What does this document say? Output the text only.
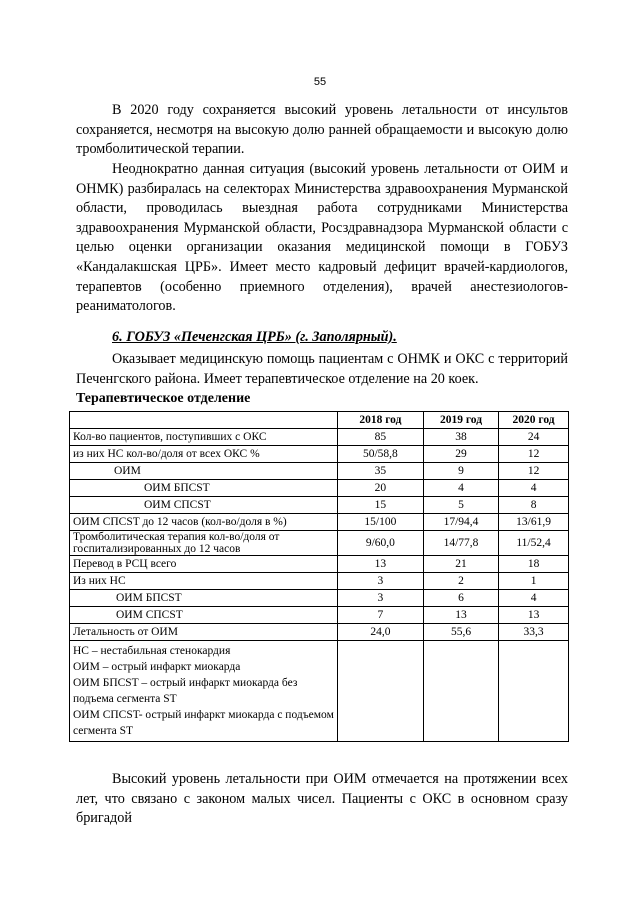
55

В 2020 году сохраняется высокий уровень летальности от инсультов сохраняется, несмотря на высокую долю ранней обращаемости и высокую долю тромболитической терапии.

Неоднократно данная ситуация (высокий уровень летальности от ОИМ и ОНМК) разбиралась на селекторах Министерства здравоохранения Мурманской области, проводилась выездная работа сотрудниками Министерства здравоохранения Мурманской области, Росздравнадзора Мурманской области с целью оценки организации оказания медицинской помощи в ГОБУЗ «Кандалакшская ЦРБ». Имеет место кадровый дефицит врачей-кардиологов, терапевтов (особенно приемного отделения), врачей анестезиологов-реаниматологов.

6. ГОБУЗ «Печенгская ЦРБ» (г. Заполярный).

Оказывает медицинскую помощь пациентам с ОНМК и ОКС с территорий Печенгского района. Имеет терапевтическое отделение на 20 коек.

Терапевтическое отделение
	2018 год	2019 год	2020 год
Кол-во пациентов, поступивших с ОКС	85	38	24
из них НС кол-во/доля от всех ОКС %	50/58,8	29	12
ОИМ	35	9	12
ОИМ БПСST	20	4	4
ОИМ СПСST	15	5	8
ОИМ СПСST до 12 часов (кол-во/доля в %)	15/100	17/94,4	13/61,9
Тромболитическая терапия кол-во/доля от госпитализированных до 12 часов	9/60,0	14/77,8	11/52,4
Перевод в РСЦ всего	13	21	18
Из них НС	3	2	1
ОИМ БПСST	3	6	4
ОИМ СПСST	7	13	13
Летальность от ОИМ	24,0	55,6	33,3

НС – нестабильная стенокардия
ОИМ – острый инфаркт миокарда
ОИМ БПСST – острый инфаркт миокарда без подъема сегмента ST
ОИМ СПСST- острый инфаркт миокарда с подъемом сегмента ST			

Высокий уровень летальности при ОИМ отмечается на протяжении всех лет, что связано с законом малых чисел. Пациенты с ОКС в основном сразу бригадой
